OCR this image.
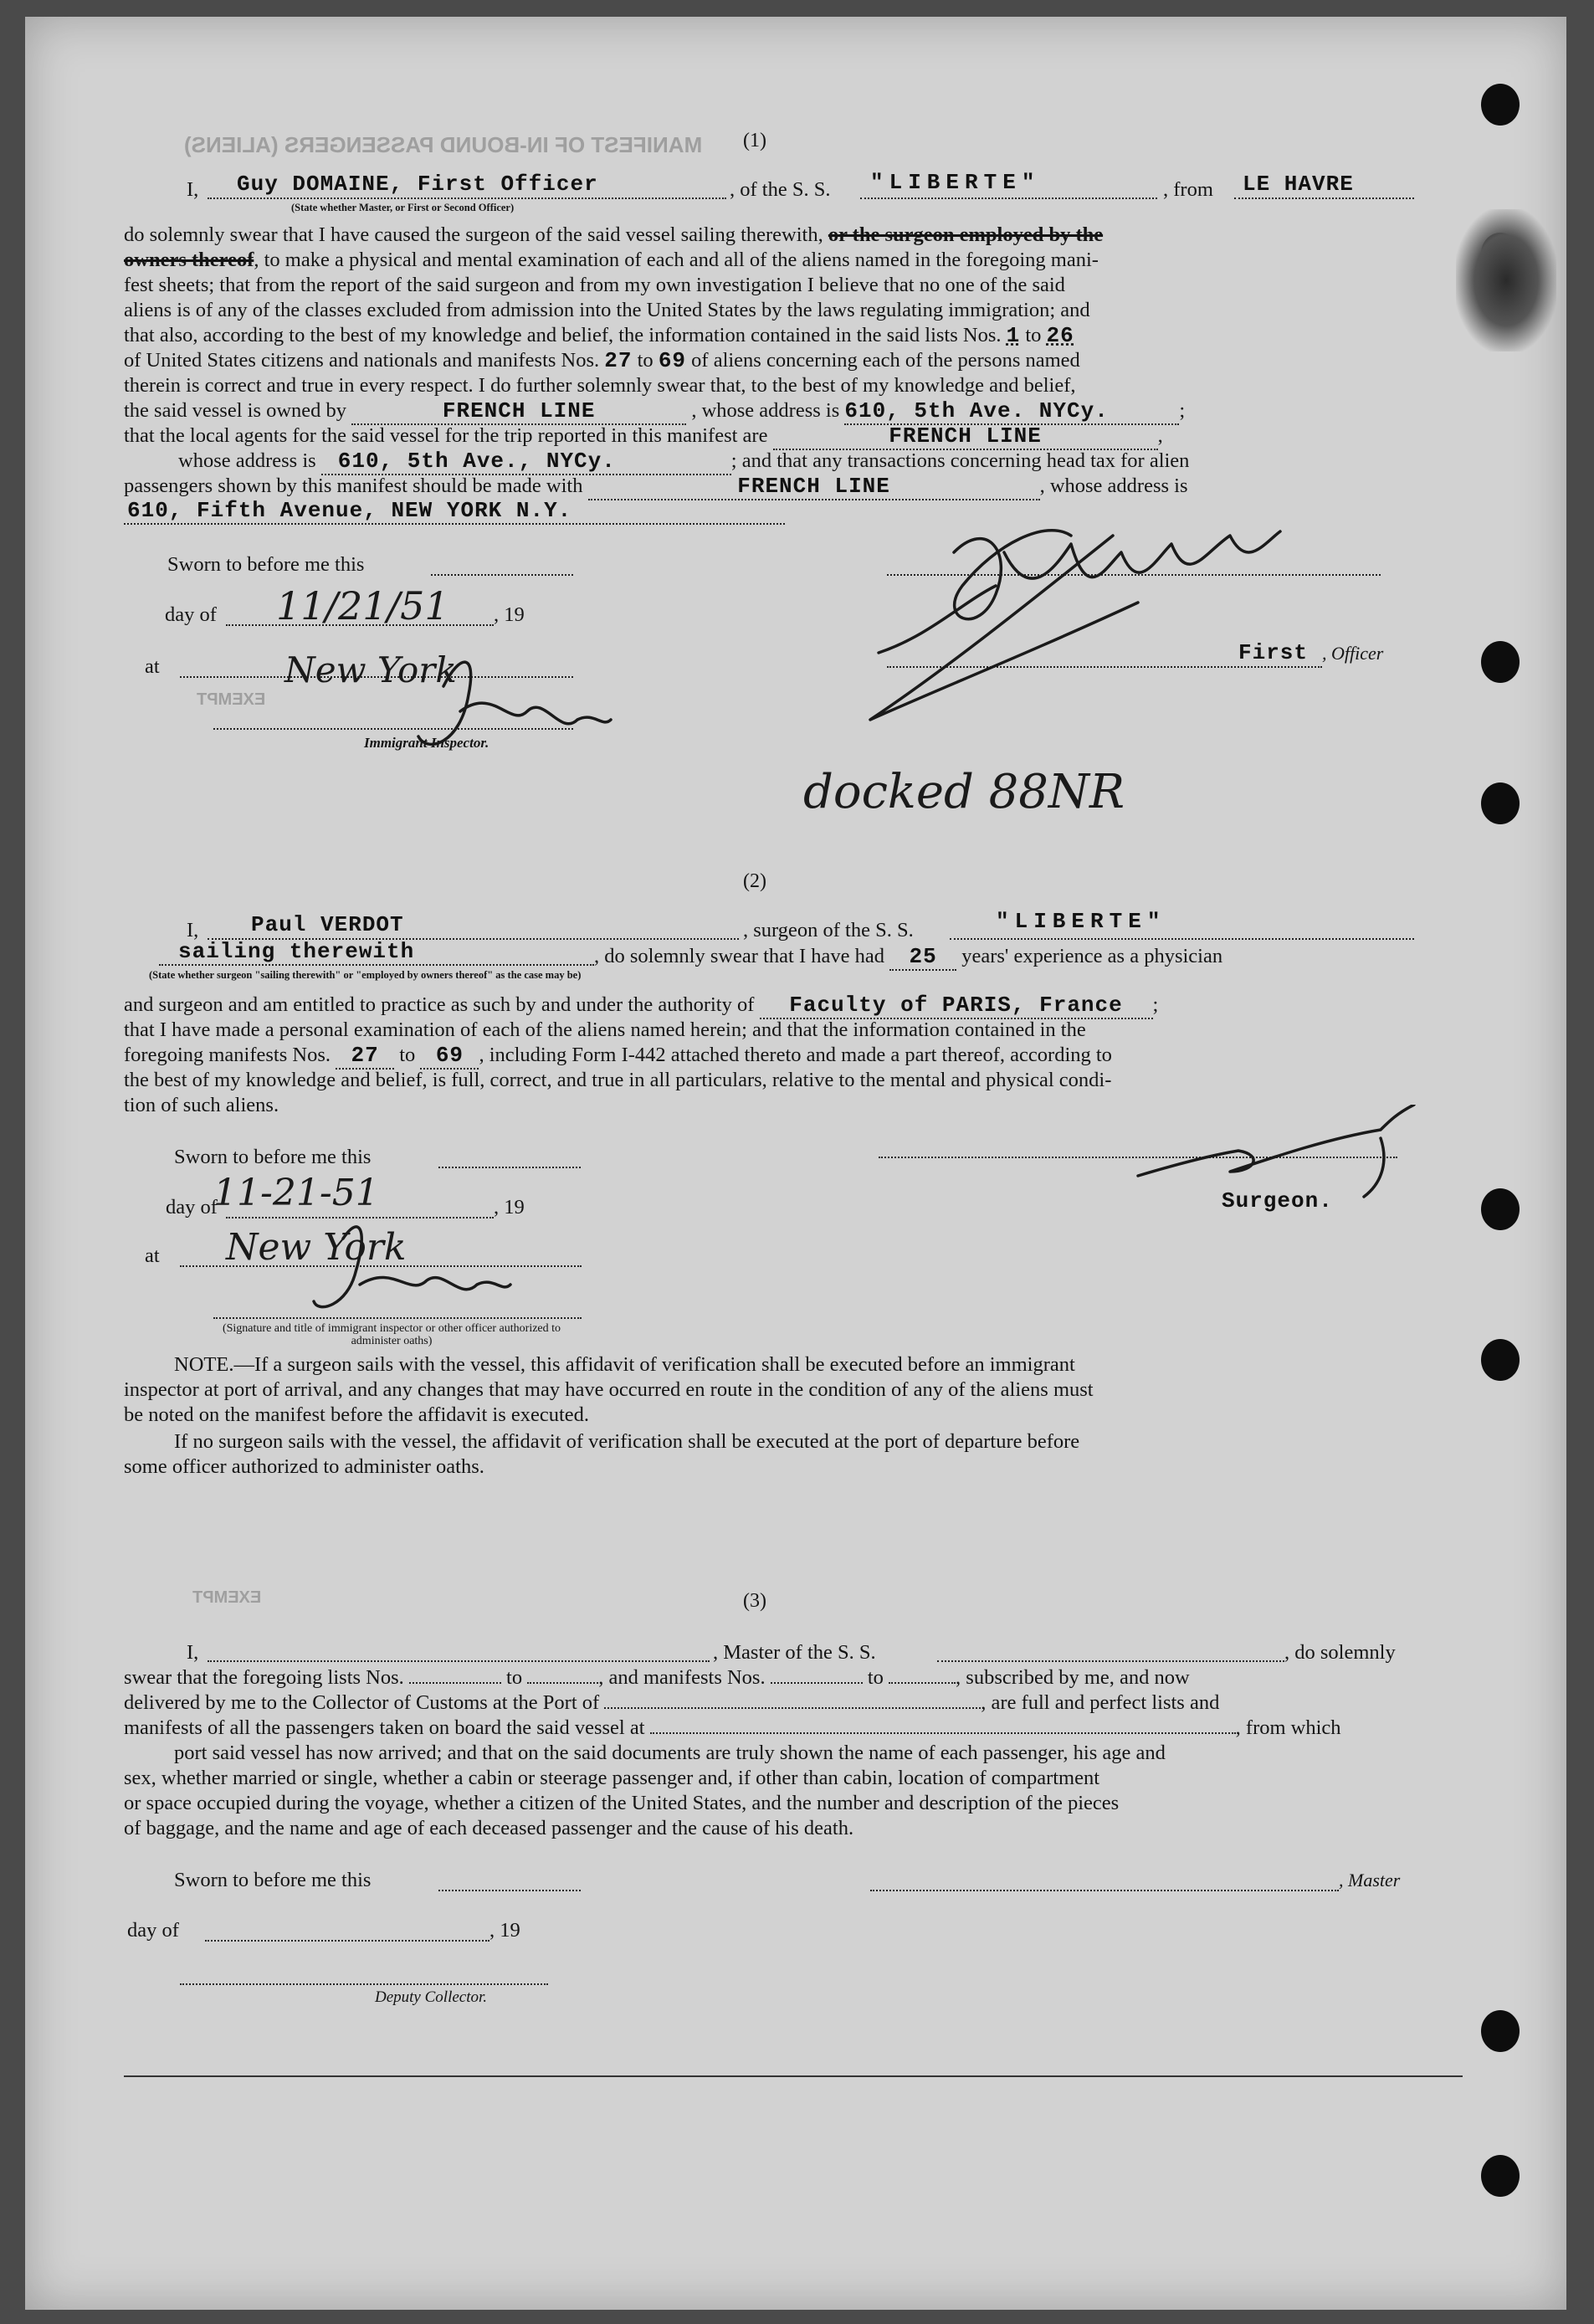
MANIFEST OF IN-BOUND PASSENGERS (ALIENS)
EXEMPT
EXEMPT
(1)
I, Guy DOMAINE, First Officer
(State whether Master, or First or Second Officer)
, of the S. S. "LIBERTE"	, from LE HAVRE
do solemnly swear that I have caused the surgeon of the said vessel sailing therewith, or the surgeon employed by the
owners thereof, to make a physical and mental examination of each and all of the aliens named in the foregoing mani-
fest sheets; that from the report of the said surgeon and from my own investigation I believe that no one of the said
aliens is of any of the classes excluded from admission into the United States by the laws regulating immigration; and
that also, according to the best of my knowledge and belief, the information contained in the said lists Nos. 1 to 26
of United States citizens and nationals and manifests Nos. 27 to 69 of aliens concerning each of the persons named
therein is correct and true in every respect. I do further solemnly swear that, to the best of my knowledge and belief,
the said vessel is owned by	FRENCH LINE	, whose address is 610, 5th Ave. NYCy.	;
that the local agents for the said vessel for the trip reported in this manifest are	FRENCH LINE	,
whose address is 610, 5th Ave., NYCy.	; and that any transactions concerning head tax for alien
passengers shown by this manifest should be made with	FRENCH LINE	, whose address is
610, Fifth Avenue, NEW YORK N.Y.
Sworn to before me this
day of	, 19
at
Immigrant Inspector.
First , Officer
11/21/51
New York
docked 88NR
(2)
I, Paul VERDOT	, surgeon of the S. S.	"LIBERTE"
sailing therewith
(State whether surgeon "sailing therewith" or "employed by owners thereof" as the case may be)
, do solemnly swear that I have had 25 years' experience as a physician
and surgeon and am entitled to practice as such by and under the authority of Faculty of PARIS, France ;
that I have made a personal examination of each of the aliens named herein; and that the information contained in the
foregoing manifests Nos. 27 to 69 , including Form I-442 attached thereto and made a part thereof, according to
the best of my knowledge and belief, is full, correct, and true in all particulars, relative to the mental and physical condi-
tion of such aliens.
Sworn to before me this
day of	, 19
at
(Signature and title of immigrant inspector or other officer authorized to administer oaths)
Surgeon.
11-21-51
New York
NOTE.—If a surgeon sails with the vessel, this affidavit of verification shall be executed before an immigrant
inspector at port of arrival, and any changes that may have occurred en route in the condition of any of the aliens must
be noted on the manifest before the affidavit is executed.
If no surgeon sails with the vessel, the affidavit of verification shall be executed at the port of departure before
some officer authorized to administer oaths.
(3)
I,	, Master of the S. S.	, do solemnly
swear that the foregoing lists Nos.	to	, and manifests Nos.	to	, subscribed by me, and now
delivered by me to the Collector of Customs at the Port of	, are full and perfect lists and
manifests of all the passengers taken on board the said vessel at	, from which
port said vessel has now arrived; and that on the said documents are truly shown the name of each passenger, his age and
sex, whether married or single, whether a cabin or steerage passenger and, if other than cabin, location of compartment
or space occupied during the voyage, whether a citizen of the United States, and the number and description of the pieces
of baggage, and the name and age of each deceased passenger and the cause of his death.
Sworn to before me this	, Master
day of	, 19
Deputy Collector.
